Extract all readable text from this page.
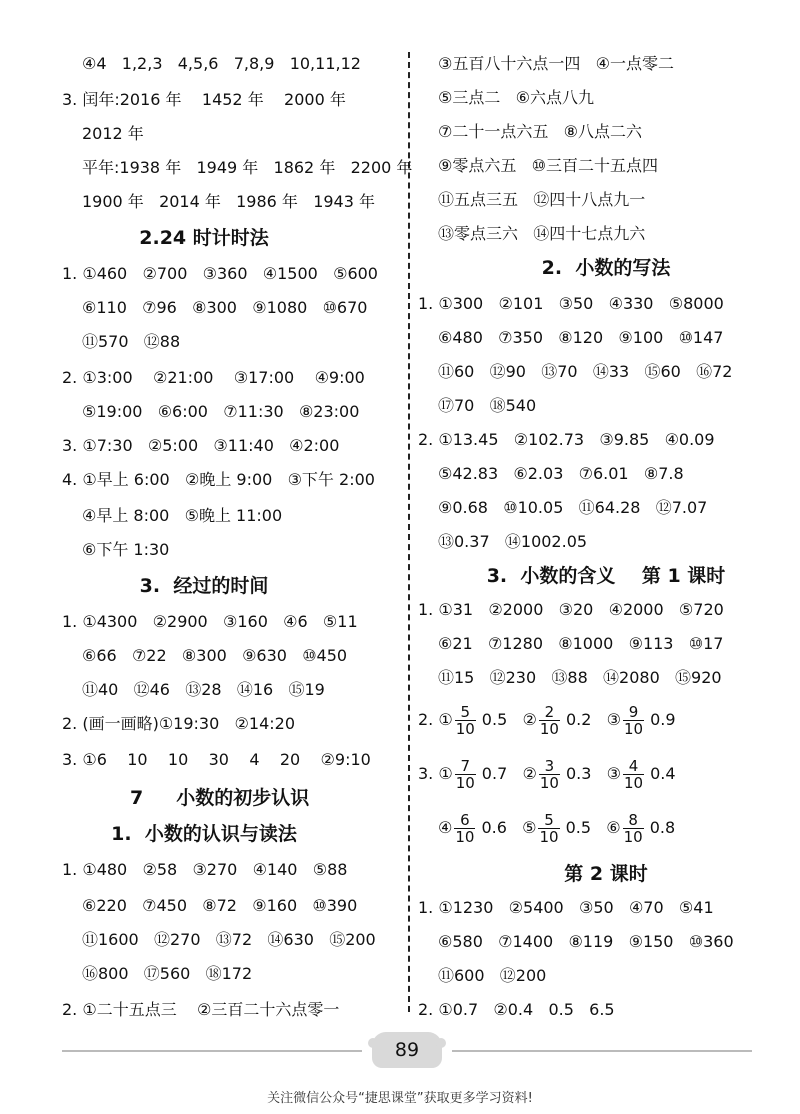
④4   1,2,3   4,5,6   7,8,9   10,11,12
3. 闰年:2016 年    1452 年    2000 年
2012 年
平年:1938 年   1949 年   1862 年   2200 年
1900 年   2014 年   1986 年   1943 年
2.24 时计时法
1. ①460   ②700   ③360   ④1500   ⑤600
⑥110   ⑦96   ⑧300   ⑨1080   ⑩670
⑪570   ⑫88
2. ①3:00    ②21:00    ③17:00    ④9:00
⑤19:00   ⑥6:00   ⑦11:30   ⑧23:00
3. ①7:30   ②5:00   ③11:40   ④2:00
4. ①早上 6:00   ②晚上 9:00   ③下午 2:00
④早上 8:00   ⑤晚上 11:00
⑥下午 1:30
3.  经过的时间
1. ①4300   ②2900   ③160   ④6   ⑤11
⑥66   ⑦22   ⑧300   ⑨630   ⑩450
⑪40   ⑫46   ⑬28   ⑭16   ⑮19
2. (画一画略)①19:30   ②14:20
3. ①6    10    10    30    4    20    ②9:10
7     小数的初步认识
1.  小数的认识与读法
1. ①480   ②58   ③270   ④140   ⑤88
⑥220   ⑦450   ⑧72   ⑨160   ⑩390
⑪1600   ⑫270   ⑬72   ⑭630   ⑮200
⑯800   ⑰560   ⑱172
2. ①二十五点三    ②三百二十六点零一
③五百八十六点一四   ④一点零二
⑤三点二   ⑥六点八九
⑦二十一点六五   ⑧八点二六
⑨零点六五   ⑩三百二十五点四
⑪五点三五   ⑫四十八点九一
⑬零点三六   ⑭四十七点九六
2.  小数的写法
1. ①300   ②101   ③50   ④330   ⑤8000
⑥480   ⑦350   ⑧120   ⑨100   ⑩147
⑪60   ⑫90   ⑬70   ⑭33   ⑮60   ⑯72
⑰70   ⑱540
2. ①13.45   ②102.73   ③9.85   ④0.09
⑤42.83   ⑥2.03   ⑦6.01   ⑧7.8
⑨0.68   ⑩10.05   ⑪64.28   ⑫7.07
⑬0.37   ⑭1002.05
3.  小数的含义    第 1 课时
1. ①31   ②2000   ③20   ④2000   ⑤720
⑥21   ⑦1280   ⑧1000   ⑨113   ⑩17
⑪15   ⑫230   ⑬88   ⑭2080   ⑮920
2. ① $\frac{5}{10} 0.5$   ② $\frac{2}{10} 0.2$   ③ $\frac{9}{10} 0.9$
3. ① $\frac{7}{10} 0.7$   ② $\frac{3}{10} 0.3$   ③ $\frac{4}{10} 0.4$
④ $\frac{6}{10} 0.6$   ⑤ $\frac{5}{10} 0.5$   ⑥ $\frac{8}{10} 0.8$
第 2 课时
1. ①1230   ②5400   ③50   ④70   ⑤41
⑥580   ⑦1400   ⑧119   ⑨150   ⑩360
⑪600   ⑫200
2. ①0.7   ②0.4   0.5   6.5
89
关注微信公众号“捷思课堂”获取更多学习资料!
